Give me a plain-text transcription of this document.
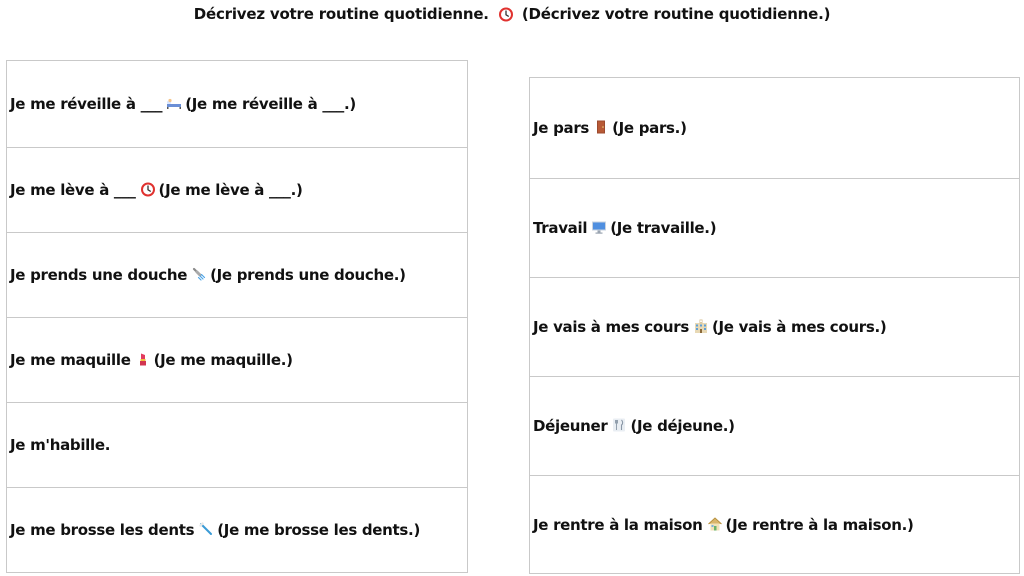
Décrivez votre routine quotidienne. (Décrivez votre routine quotidienne.)
Je me réveille à ___ (Je me réveille à ___.)
Je me lève à ___ (Je me lève à ___.)
Je prends une douche (Je prends une douche.)
Je me maquille (Je me maquille.)
Je m'habille.
Je me brosse les dents (Je me brosse les dents.)
Je pars (Je pars.)
Travail (Je travaille.)
Je vais à mes cours (Je vais à mes cours.)
Déjeuner (Je déjeune.)
Je rentre à la maison (Je rentre à la maison.)
